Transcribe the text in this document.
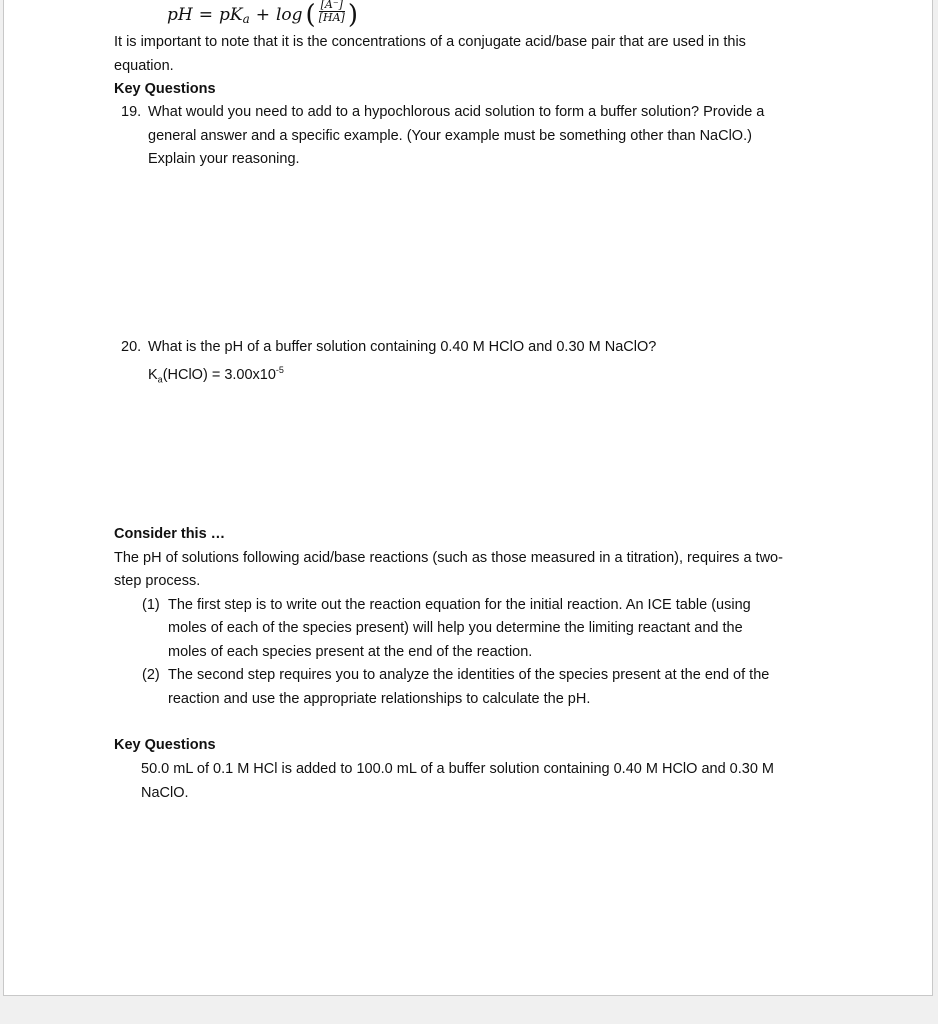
pH = $pK_a + \log$ ( $\frac{[A^-]}{[HA]}$ )
It is important to note that it is the concentrations of a conjugate acid/base pair that are used in this
equation.
Key Questions
19. What would you need to add to a hypochlorous acid solution to form a buffer solution? Provide a
general answer and a specific example. (Your example must be something other than NaClO.)
Explain your reasoning.
20. What is the pH of a buffer solution containing 0.40 M HClO and 0.30 M NaClO?
$K_a(HClO) = 3.00x10^{-5}$
Consider this …
The pH of solutions following acid/base reactions (such as those measured in a titration), requires a two-
step process.
(1) The first step is to write out the reaction equation for the initial reaction. An ICE table (using
moles of each of the species present) will help you determine the limiting reactant and the
moles of each species present at the end of the reaction.
(2) The second step requires you to analyze the identities of the species present at the end of the
reaction and use the appropriate relationships to calculate the pH.
Key Questions
50.0 mL of 0.1 M HCl is added to 100.0 mL of a buffer solution containing 0.40 M HClO and 0.30 M
NaClO.
